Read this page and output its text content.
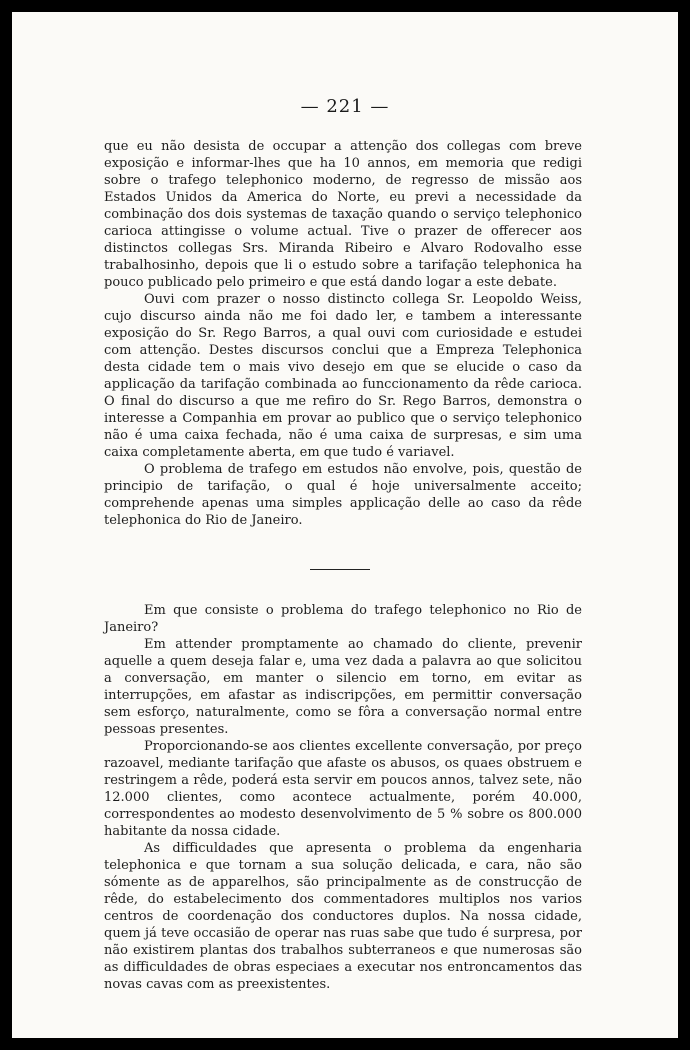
— 221 —

que eu não desista de occupar a attenção dos collegas com breve exposição e informar-lhes que ha 10 annos, em memoria que redigi sobre o trafego telephonico moderno, de regresso de missão aos Estados Unidos da America do Norte, eu previ a necessidade da combinação dos dois systemas de taxação quando o serviço telephonico carioca attingisse o volume actual. Tive o prazer de offerecer aos distinctos collegas Srs. Miranda Ribeiro e Alvaro Rodovalho esse trabalhosinho, depois que li o estudo sobre a tarifação telephonica ha pouco publicado pelo primeiro e que está dando logar a este debate.

Ouvi com prazer o nosso distincto collega Sr. Leopoldo Weiss, cujo discurso ainda não me foi dado ler, e tambem a interessante exposição do Sr. Rego Barros, a qual ouvi com curiosidade e estudei com attenção. Destes discursos conclui que a Empreza Telephonica desta cidade tem o mais vivo desejo em que se elucide o caso da applicação da tarifação combinada ao funccionamento da rêde carioca. O final do discurso a que me refiro do Sr. Rego Barros, demonstra o interesse a Companhia em provar ao publico que o serviço telephonico não é uma caixa fechada, não é uma caixa de surpresas, e sim uma caixa completamente aberta, em que tudo é variavel.

O problema de trafego em estudos não envolve, pois, questão de principio de tarifação, o qual é hoje universalmente acceito; comprehende apenas uma simples applicação delle ao caso da rêde telephonica do Rio de Janeiro.

Em que consiste o problema do trafego telephonico no Rio de Janeiro?

Em attender promptamente ao chamado do cliente, prevenir aquelle a quem deseja falar e, uma vez dada a palavra ao que solicitou a conversação, em manter o silencio em torno, em evitar as interrupções, em afastar as indiscripções, em permittir conversação sem esforço, naturalmente, como se fôra a conversação normal entre pessoas presentes.

Proporcionando-se aos clientes excellente conversação, por preço razoavel, mediante tarifação que afaste os abusos, os quaes obstruem e restringem a rêde, poderá esta servir em poucos annos, talvez sete, não 12.000 clientes, como acontece actualmente, porém 40.000, correspondentes ao modesto desenvolvimento de 5 % sobre os 800.000 habitante da nossa cidade.

As difficuldades que apresenta o problema da engenharia telephonica e que tornam a sua solução delicada, e cara, não são sómente as de apparelhos, são principalmente as de construcção de rêde, do estabelecimento dos commentadores multiplos nos varios centros de coordenação dos conductores duplos. Na nossa cidade, quem já teve occasião de operar nas ruas sabe que tudo é surpresa, por não existirem plantas dos trabalhos subterraneos e que numerosas são as difficuldades de obras especiaes a executar nos entroncamentos das novas cavas com as preexistentes.
